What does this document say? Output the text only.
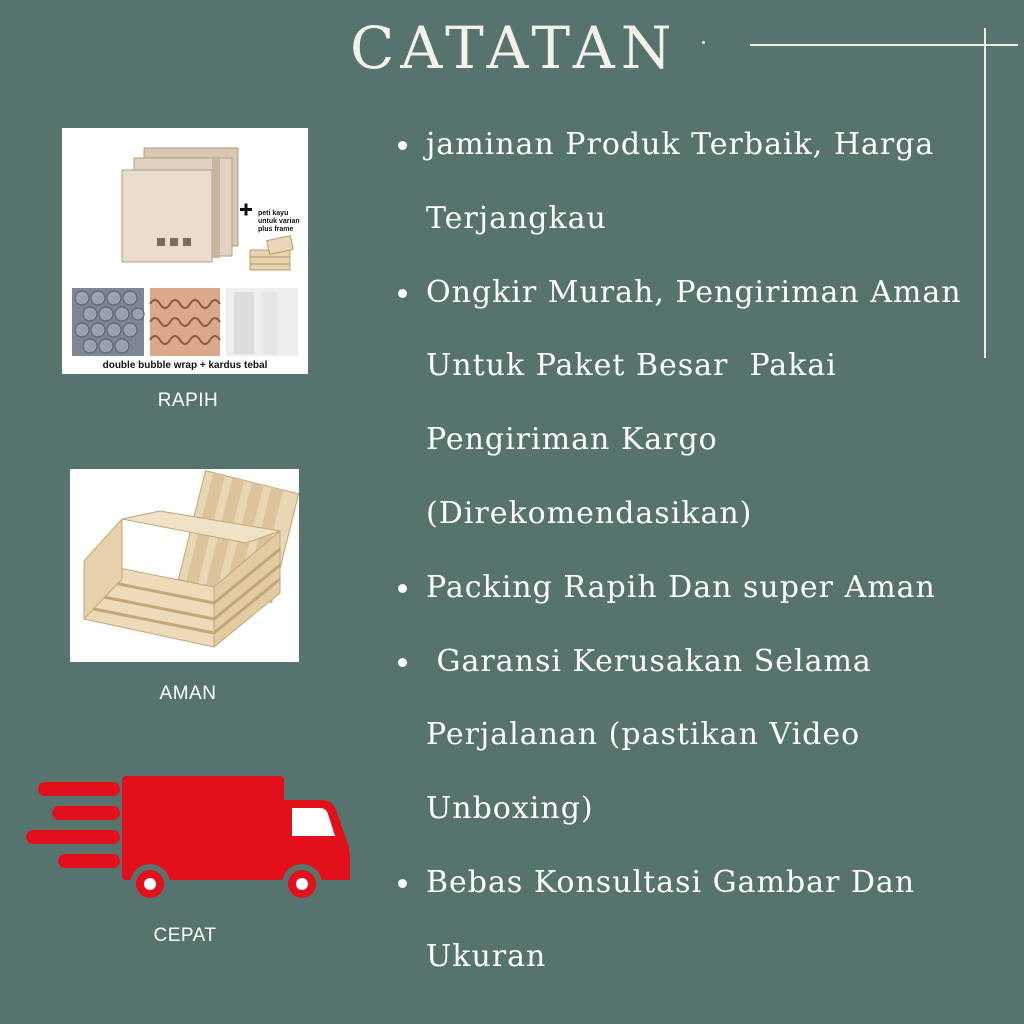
CATATAN
peti kayu
untuk varian
plus frame
double bubble wrap + kardus tebal
RAPIH
AMAN
CEPAT
jaminan Produk Terbaik, Harga Terjangkau
Ongkir Murah, Pengiriman Aman Untuk Paket Besar  Pakai Pengiriman Kargo (Direkomendasikan)
Packing Rapih Dan super Aman
Garansi Kerusakan Selama Perjalanan (pastikan Video Unboxing)
Bebas Konsultasi Gambar Dan Ukuran
